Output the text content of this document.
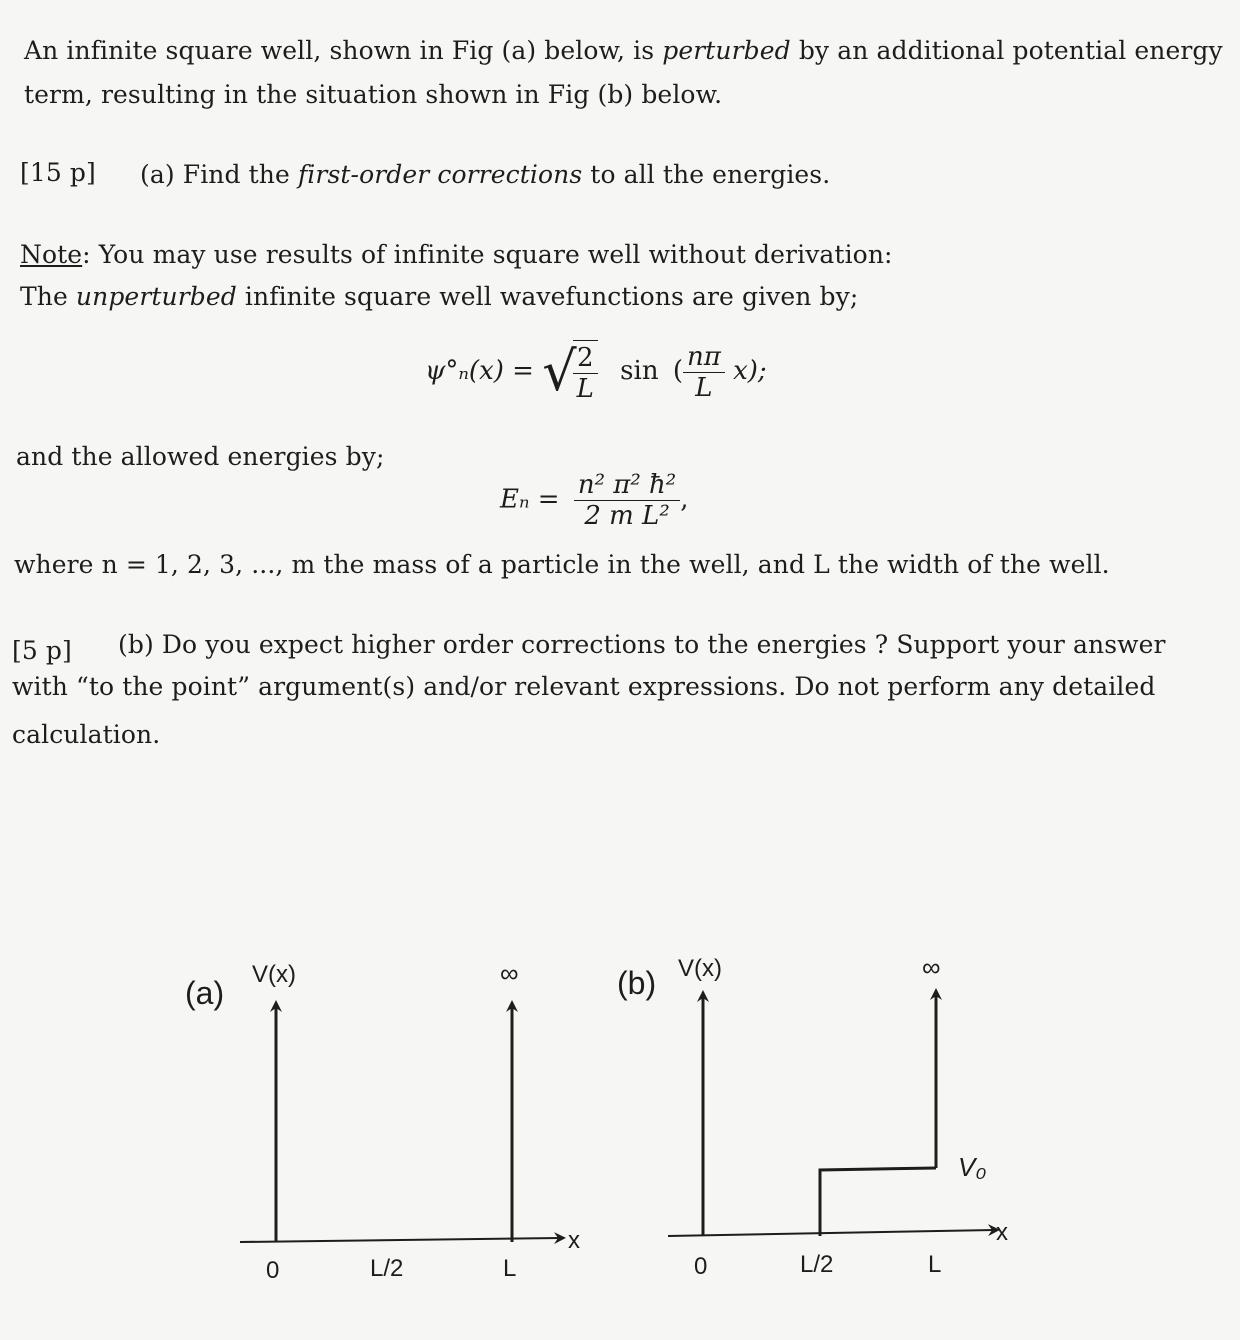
An infinite square well, shown in Fig (a) below, is perturbed by an additional potential energy
term, resulting in the situation shown in Fig (b) below.
[15 p] (a) Find the first-order corrections to all the energies.
Note: You may use results of infinite square well without derivation:
The unperturbed infinite square well wavefunctions are given by;
ψ°ₙ(x) = √
$\frac{2}{L}$ sin ( $\frac{n\pi}{L} x$);
and the allowed energies by;
$E_n = \frac{\text{n² π² ħ²}}{\text{2 m L²}}$ ,
where n = 1, 2, 3, ..., m the mass of a particle in the well, and L the width of the well.
[5 p] (b) Do you expect higher order corrections to the energies ? Support your answer
with “to the point” argument(s) and/or relevant expressions. Do not perform any detailed
calculation.
(a)
V(x)	∞
x
0	L/2	L
(b) V(x)	∞
x
V₀
0	L/2	L
